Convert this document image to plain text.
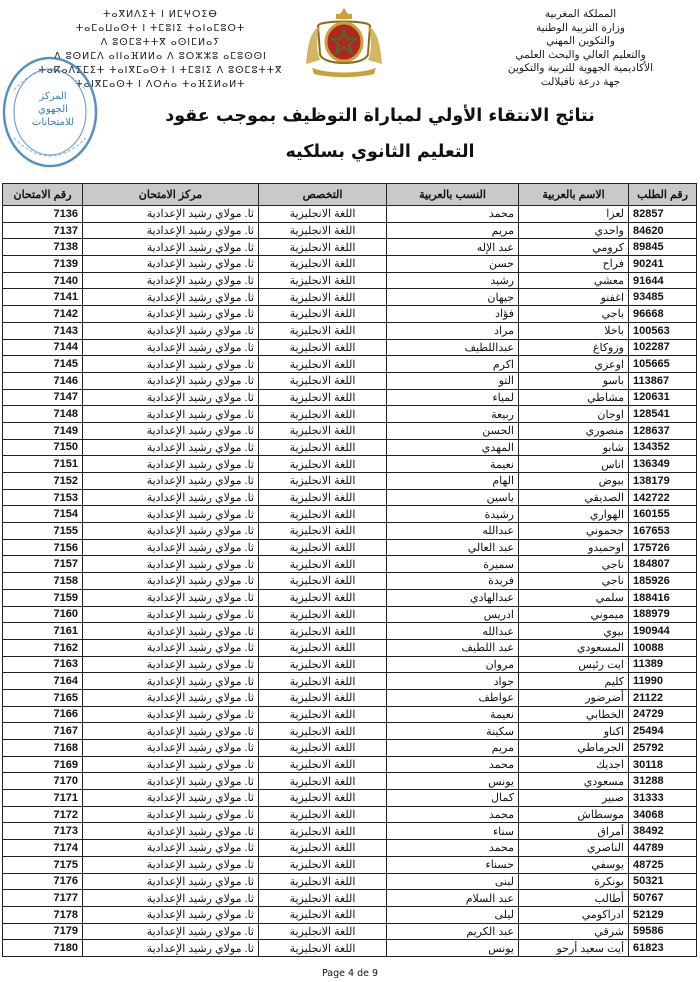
المملكة المغربية
وزارة التربية الوطنية
والتكوين المهني
والتعليم العالي والبحث العلمي
الأكاديمية الجهوية للتربية والتكوين
جهة درعة تافيلالت
ⵜⴰⴳⵍⴷⵉⵜ ⵏ ⵍⵎⵖⵔⵉⴱ
ⵜⴰⵎⴰⵡⴰⵙⵜ ⵏ ⵜⵎⵓⵏⵉ ⵜⴰⵏⴰⵎⵓⵔⵜ
ⴷ ⵓⵙⵎⵓⵜⵜⴳ ⴰⵙⵏⵎⵍⴰⵢ
ⴷ ⵓⵙⵍⵎⴷ ⴰⵏⵏⴰⴼⵍⵍⴰ ⴷ ⵓⵔⵣⵣⵓ ⴰⵎⵓⵙⵙⵏ
ⵜⴰⴽⴰⴷⵉⵎⵉⵜ ⵜⴰⵏⴳⵎⴰⵙⵜ ⵏ ⵜⵎⵓⵏⵉ ⴷ ⵓⵙⵎⵓⵜⵜⴳ
ⵜⴰⵏⴳⵎⴰⵙⵜ ⵏ ⴷⵔⵄⴰ ⵜⴰⴼⵉⵍⴰⵍⵜ
المركز
الجهوي
للامتحانات	نتائج الانتقاء الأولي لمباراة التوظيف بموجب عقود
التعليم الثانوي بسلكيه
رقم الامتحان	مركز الامتحان	التخصص	النسب بالعربية	الاسم بالعربية	رقم الطلب
7136	ثا. مولاي رشيد الإعدادية	اللغة الانجليزية	محمد	لعزا	82857
7137	ثا. مولاي رشيد الإعدادية	اللغة الانجليزية	مريم	واحدي	84620
7138	ثا. مولاي رشيد الإعدادية	اللغة الانجليزية	عبد الإله	كرومي	89845
7139	ثا. مولاي رشيد الإعدادية	اللغة الانجليزية	حسن	فراح	90241
7140	ثا. مولاي رشيد الإعدادية	اللغة الانجليزية	رشيد	معشي	91644
7141	ثا. مولاي رشيد الإعدادية	اللغة الانجليزية	جيهان	اغفنو	93485
7142	ثا. مولاي رشيد الإعدادية	اللغة الانجليزية	فؤاد	باجي	96668
7143	ثا. مولاي رشيد الإعدادية	اللغة الانجليزية	مراد	باخلا	100563
7144	ثا. مولاي رشيد الإعدادية	اللغة الانجليزية	عبداللطيف	وزوكاغ	102287
7145	ثا. مولاي رشيد الإعدادية	اللغة الانجليزية	اكرم	اوعزي	105665
7146	ثا. مولاي رشيد الإعدادية	اللغة الانجليزية	التو	باسو	113867
7147	ثا. مولاي رشيد الإعدادية	اللغة الانجليزية	لمياء	مشاطي	120631
7148	ثا. مولاي رشيد الإعدادية	اللغة الانجليزية	ربيعة	اوجان	128541
7149	ثا. مولاي رشيد الإعدادية	اللغة الانجليزية	الحسن	منصوري	128637
7150	ثا. مولاي رشيد الإعدادية	اللغة الانجليزية	المهدي	شابو	134352
7151	ثا. مولاي رشيد الإعدادية	اللغة الانجليزية	نعيمة	اناس	136349
7152	ثا. مولاي رشيد الإعدادية	اللغة الانجليزية	الهام	بيوض	138179
7153	ثا. مولاي رشيد الإعدادية	اللغة الانجليزية	ياسين	الصديقي	142722
7154	ثا. مولاي رشيد الإعدادية	اللغة الانجليزية	رشيدة	الهواري	160155
7155	ثا. مولاي رشيد الإعدادية	اللغة الانجليزية	عبدالله	جحموني	167653
7156	ثا. مولاي رشيد الإعدادية	اللغة الانجليزية	عبد العالي	اوحميدو	175726
7157	ثا. مولاي رشيد الإعدادية	اللغة الانجليزية	سميرة	ناجي	184807
7158	ثا. مولاي رشيد الإعدادية	اللغة الانجليزية	فريدة	ناجي	185926
7159	ثا. مولاي رشيد الإعدادية	اللغة الانجليزية	عبدالهادي	سلمي	188416
7160	ثا. مولاي رشيد الإعدادية	اللغة الانجليزية	ادريس	ميموني	188979
7161	ثا. مولاي رشيد الإعدادية	اللغة الانجليزية	عبدالله	بيوي	190944
7162	ثا. مولاي رشيد الإعدادية	اللغة الانجليزية	عبد اللطيف	المسعودي	10088
7163	ثا. مولاي رشيد الإعدادية	اللغة الانجليزية	مروان	ايت رئيس	11389
7164	ثا. مولاي رشيد الإعدادية	اللغة الانجليزية	جواد	كليم	11990
7165	ثا. مولاي رشيد الإعدادية	اللغة الانجليزية	عواطف	أضرضور	21122
7166	ثا. مولاي رشيد الإعدادية	اللغة الانجليزية	نعيمة	الخطابي	24729
7167	ثا. مولاي رشيد الإعدادية	اللغة الانجليزية	سكينة	اكناو	25494
7168	ثا. مولاي رشيد الإعدادية	اللغة الانجليزية	مريم	الجرماطي	25792
7169	ثا. مولاي رشيد الإعدادية	اللغة الانجليزية	محمد	اجديك	30118
7170	ثا. مولاي رشيد الإعدادية	اللغة الانجليزية	يونس	مسعودي	31288
7171	ثا. مولاي رشيد الإعدادية	اللغة الانجليزية	كمال	صبير	31333
7172	ثا. مولاي رشيد الإعدادية	اللغة الانجليزية	محمد	موسطاش	34068
7173	ثا. مولاي رشيد الإعدادية	اللغة الانجليزية	سناء	أمراق	38492
7174	ثا. مولاي رشيد الإعدادية	اللغة الانجليزية	محمد	الناصري	44789
7175	ثا. مولاي رشيد الإعدادية	اللغة الانجليزية	حسناء	يوسفي	48725
7176	ثا. مولاي رشيد الإعدادية	اللغة الانجليزية	لبنى	بونكرة	50321
7177	ثا. مولاي رشيد الإعدادية	اللغة الانجليزية	عبد السلام	أطالب	50767
7178	ثا. مولاي رشيد الإعدادية	اللغة الانجليزية	ليلى	ادراكومي	52129
7179	ثا. مولاي رشيد الإعدادية	اللغة الانجليزية	عبد الكريم	شرقي	59586
7180	ثا. مولاي رشيد الإعدادية	اللغة الانجليزية	يونس	أيت سعيد أرحو	61823
Page 4 de 9
